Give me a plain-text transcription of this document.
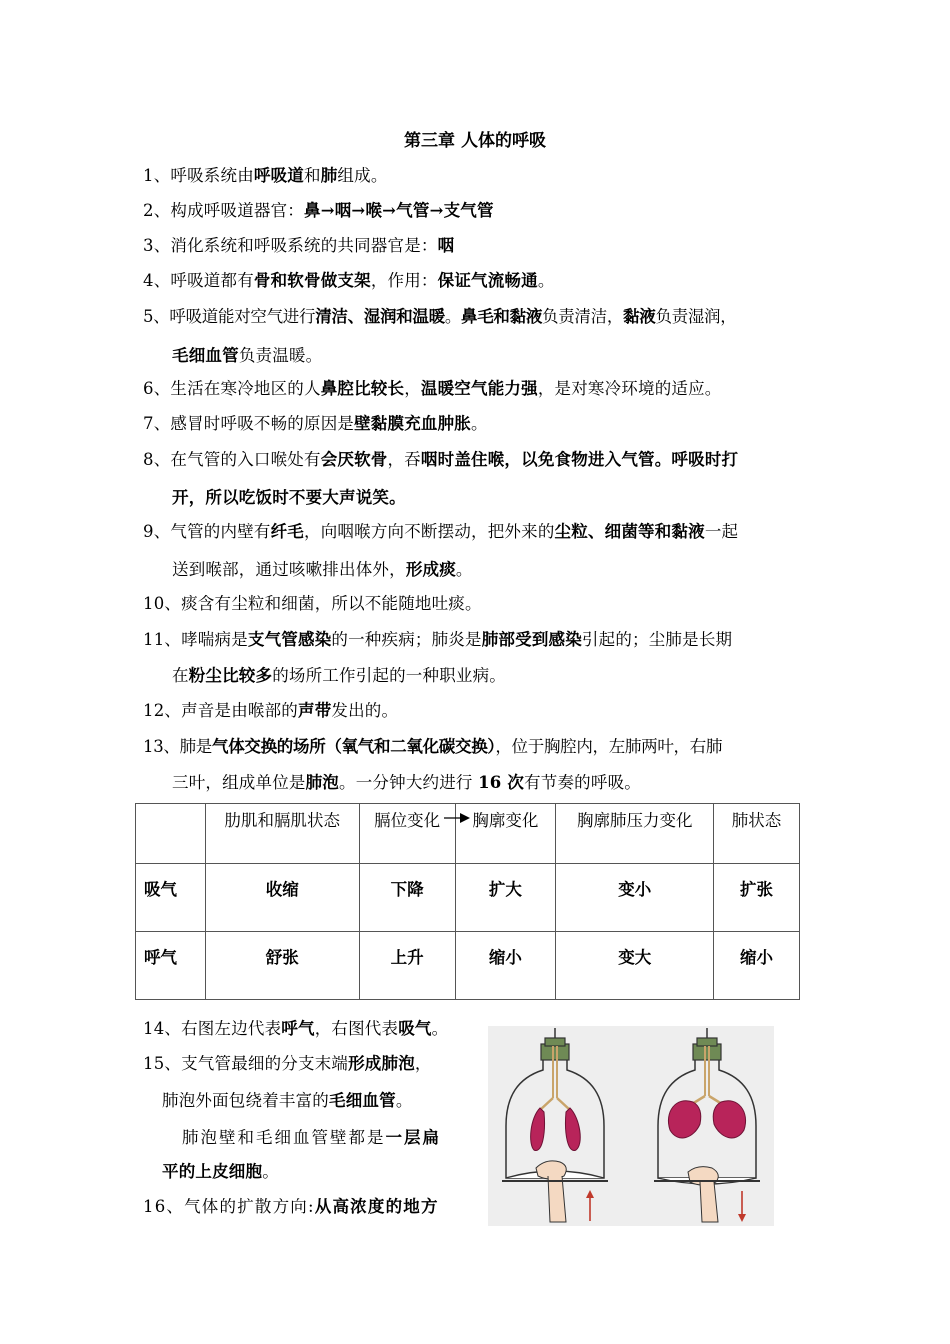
第三章 人体的呼吸
1、呼吸系统由呼吸道和肺组成。
2、构成呼吸道器官：鼻→咽→喉→气管→支气管
3、消化系统和呼吸系统的共同器官是：咽
4、呼吸道都有骨和软骨做支架，作用：保证气流畅通。
5、呼吸道能对空气进行清洁、湿润和温暖。鼻毛和黏液负责清洁，黏液负责湿润，
毛细血管负责温暖。
6、生活在寒冷地区的人鼻腔比较长，温暖空气能力强，是对寒冷环境的适应。
7、感冒时呼吸不畅的原因是壁黏膜充血肿胀。
8、在气管的入口喉处有会厌软骨，吞咽时盖住喉，以免食物进入气管。呼吸时打
开，所以吃饭时不要大声说笑。
9、气管的内壁有纤毛，向咽喉方向不断摆动，把外来的尘粒、细菌等和黏液一起
送到喉部，通过咳嗽排出体外，形成痰。
10、痰含有尘粒和细菌，所以不能随地吐痰。
11、哮喘病是支气管感染的一种疾病；肺炎是肺部受到感染引起的；尘肺是长期
在粉尘比较多的场所工作引起的一种职业病。
12、声音是由喉部的声带发出的。
13、肺是气体交换的场所（氧气和二氧化碳交换），位于胸腔内，左肺两叶，右肺
三叶，组成单位是肺泡。一分钟大约进行 16 次有节奏的呼吸。
	肋肌和膈肌状态	膈位变化	胸廓变化	胸廓肺压力变化	肺状态
吸气	收缩	下降	扩大	变小	扩张
呼气	舒张	上升	缩小	变大	缩小
14、右图左边代表呼气，右图代表吸气。
15、支气管最细的分支末端形成肺泡，
肺泡外面包绕着丰富的毛细血管。
肺泡壁和毛细血管壁都是一层扁
平的上皮细胞。
16、气体的扩散方向:从高浓度的地方
